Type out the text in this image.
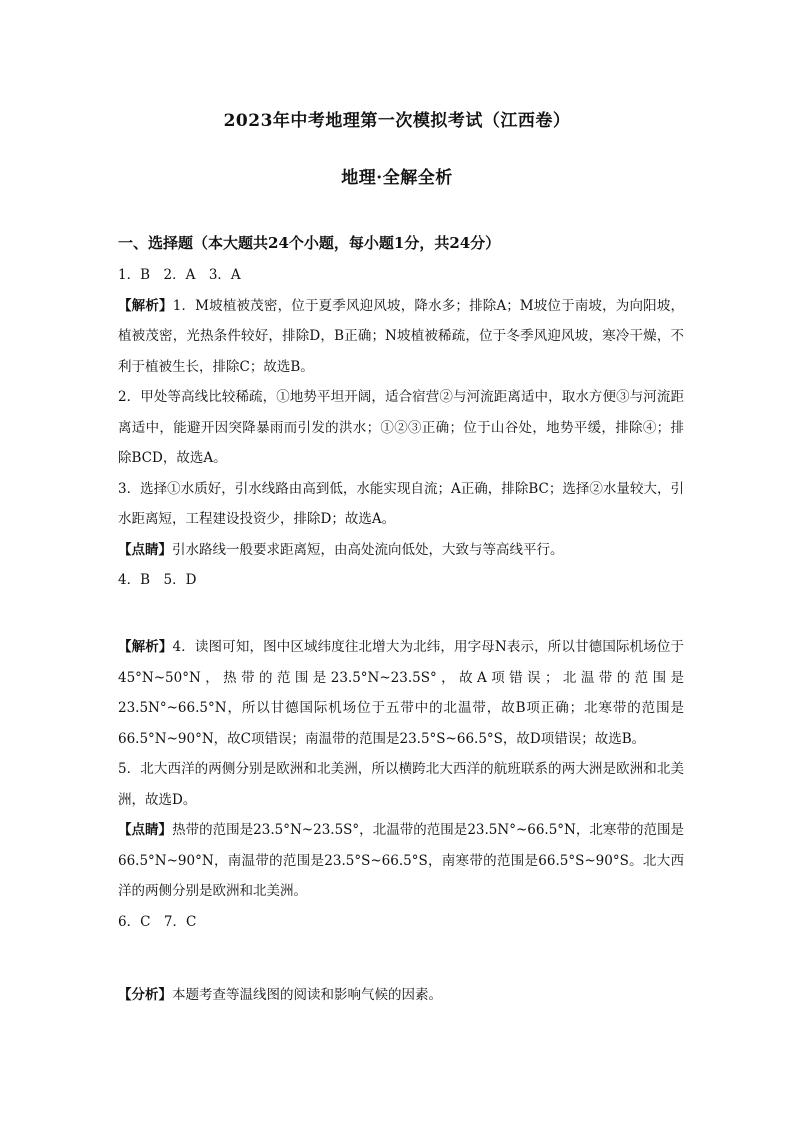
2023年中考地理第一次模拟考试（江西卷）
地理·全解全析
一、选择题（本大题共24个小题，每小题1分，共24分）

1．B　2．A　3．A

【解析】1．M坡植被茂密，位于夏季风迎风坡，降水多；排除A；M坡位于南坡，为向阳坡，植被茂密，光热条件较好，排除D，B正确；N坡植被稀疏，位于冬季风迎风坡，寒冷干燥，不利于植被生长，排除C；故选B。

2．甲处等高线比较稀疏，①地势平坦开阔，适合宿营②与河流距离适中，取水方便③与河流距离适中，能避开因突降暴雨而引发的洪水；①②③正确；位于山谷处，地势平缓，排除④；排除BCD，故选A。

3．选择①水质好，引水线路由高到低，水能实现自流；A正确，排除BC；选择②水量较大，引水距离短，工程建设投资少，排除D；故选A。

【点睛】引水路线一般要求距离短，由高处流向低处，大致与等高线平行。

4．B　5．D

【解析】4．读图可知，图中区域纬度往北增大为北纬，用字母N表示，所以甘德国际机场位于45°N~50°N，热带的范围是23.5°N~23.5S°，故A项错误；北温带的范围是23.5N°~66.5°N，所以甘德国际机场位于五带中的北温带，故B项正确；北寒带的范围是66.5°N~90°N，故C项错误；南温带的范围是23.5°S~66.5°S，故D项错误；故选B。

5．北大西洋的两侧分别是欧洲和北美洲，所以横跨北大西洋的航班联系的两大洲是欧洲和北美洲，故选D。

【点睛】热带的范围是23.5°N~23.5S°，北温带的范围是23.5N°~66.5°N，北寒带的范围是66.5°N~90°N，南温带的范围是23.5°S~66.5°S，南寒带的范围是66.5°S~90°S。北大西洋的两侧分别是欧洲和北美洲。

6．C　7．C

【分析】本题考查等温线图的阅读和影响气候的因素。
